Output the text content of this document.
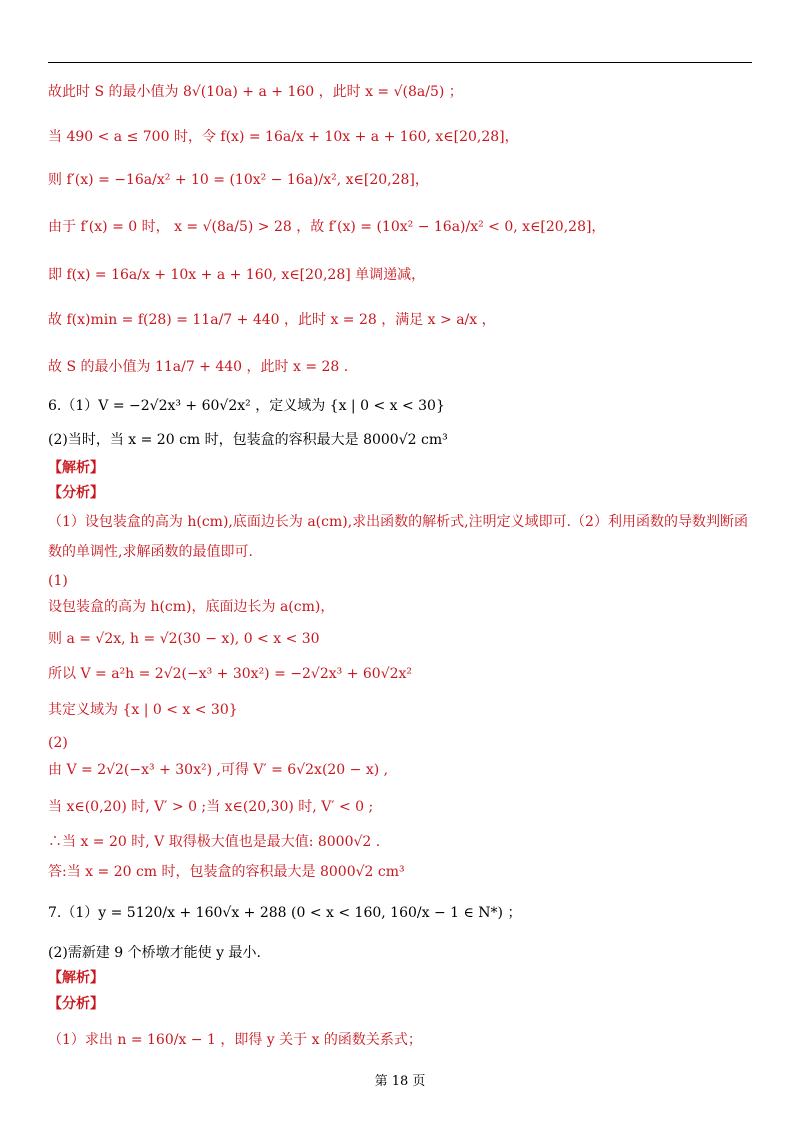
故此时 S 的最小值为 8√(10a) + a + 160 ，此时 x = √(8a/5) ；
当 490 < a ≤ 700 时，令 f(x) = 16a/x + 10x + a + 160, x∈[20,28]，
则 f′(x) = −16a/x² + 10 = (10x² − 16a)/x², x∈[20,28]，
由于 f′(x) = 0 时， x = √(8a/5) > 28 ，故 f′(x) = (10x² − 16a)/x² < 0, x∈[20,28]，
即 f(x) = 16a/x + 10x + a + 160, x∈[20,28] 单调递减，
故 f(x)min = f(28) = 11a/7 + 440 ，此时 x = 28 ，满足 x > a/x ，
故 S 的最小值为 11a/7 + 440 ，此时 x = 28 .
6.（1）V = −2√2x³ + 60√2x² ，定义域为 {x | 0 < x < 30}
(2)当时，当 x = 20 cm 时，包装盒的容积最大是 8000√2 cm³
【解析】
【分析】
（1）设包装盒的高为 h(cm),底面边长为 a(cm),求出函数的解析式,注明定义域即可.（2）利用函数的导数判断函
数的单调性,求解函数的最值即可.
(1)
设包装盒的高为 h(cm)，底面边长为 a(cm)，
则 a = √2x, h = √2(30 − x), 0 < x < 30
所以 V = a²h = 2√2(−x³ + 30x²) = −2√2x³ + 60√2x²
其定义域为 {x | 0 < x < 30}
(2)
由 V = 2√2(−x³ + 30x²) ,可得 V′ = 6√2x(20 − x) ,
当 x∈(0,20) 时, V′ > 0 ;当 x∈(20,30) 时, V′ < 0 ;
∴当 x = 20 时, V 取得极大值也是最大值: 8000√2 .
答:当 x = 20 cm 时，包装盒的容积最大是 8000√2 cm³
7.（1）y = 5120/x + 160√x + 288 (0 < x < 160, 160/x − 1 ∈ N*) ；
(2)需新建 9 个桥墩才能使 y 最小.
【解析】
【分析】
（1）求出 n = 160/x − 1 ，即得 y 关于 x 的函数关系式；
第 18 页
